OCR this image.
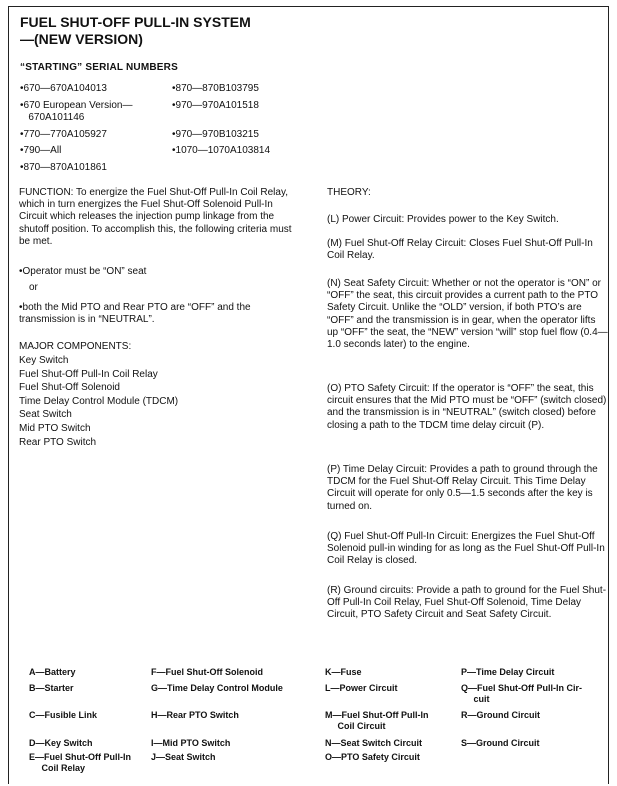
FUEL SHUT-OFF PULL-IN SYSTEM
—(NEW VERSION)
“STARTING” SERIAL NUMBERS
•670—670A104013
•670 European Version—
670A101146
•770—770A105927
•790—All
•870—870A101861
•870—870B103795
•970—970A101518
•970—970B103215
•1070—1070A103814

FUNCTION: To energize the Fuel Shut-Off Pull-In Coil Relay, which in turn energizes the Fuel Shut-Off Solenoid Pull-In Circuit which releases the injection pump linkage from the shutoff position. To accomplish this, the following criteria must be met.

•Operator must be “ON” seat

or

•both the Mid PTO and Rear PTO are “OFF” and the transmission is in “NEUTRAL”.

MAJOR COMPONENTS:

Key Switch
Fuel Shut-Off Pull-In Coil Relay
Fuel Shut-Off Solenoid
Time Delay Control Module (TDCM)
Seat Switch
Mid PTO Switch
Rear PTO Switch

THEORY:

(L) Power Circuit: Provides power to the Key Switch.

(M) Fuel Shut-Off Relay Circuit: Closes Fuel Shut-Off Pull-In Coil Relay.

(N) Seat Safety Circuit: Whether or not the operator is “ON” or “OFF” the seat, this circuit provides a current path to the PTO Safety Circuit. Unlike the “OLD” version, if both PTO’s are “OFF” and the transmission is in gear, when the operator lifts up “OFF” the seat, the “NEW” version “will” stop fuel flow (0.4—1.0 seconds later) to the engine.

(O) PTO Safety Circuit: If the operator is “OFF” the seat, this circuit ensures that the Mid PTO must be “OFF” (switch closed) and the transmission is in “NEUTRAL” (switch closed) before closing a path to the TDCM time delay circuit (P).

(P) Time Delay Circuit: Provides a path to ground through the TDCM for the Fuel Shut-Off Relay Circuit. This Time Delay Circuit will operate for only 0.5—1.5 seconds after the key is turned on.

(Q) Fuel Shut-Off Pull-In Circuit: Energizes the Fuel Shut-Off Solenoid pull-in winding for as long as the Fuel Shut-Off Pull-In Coil Relay is closed.

(R) Ground circuits: Provide a path to ground for the Fuel Shut-Off Pull-In Coil Relay, Fuel Shut-Off Solenoid, Time Delay Circuit, PTO Safety Circuit and Seat Safety Circuit.

A—Battery
B—Starter
C—Fusible Link
D—Key Switch
E—Fuel Shut-Off Pull-In
Coil Relay
F—Fuel Shut-Off Solenoid
G—Time Delay Control Module
H—Rear PTO Switch
I—Mid PTO Switch
J—Seat Switch
K—Fuse
L—Power Circuit
M—Fuel Shut-Off Pull-In
Coil Circuit
N—Seat Switch Circuit
O—PTO Safety Circuit
P—Time Delay Circuit
Q—Fuel Shut-Off Pull-In Cir-
cuit
R—Ground Circuit
S—Ground Circuit
